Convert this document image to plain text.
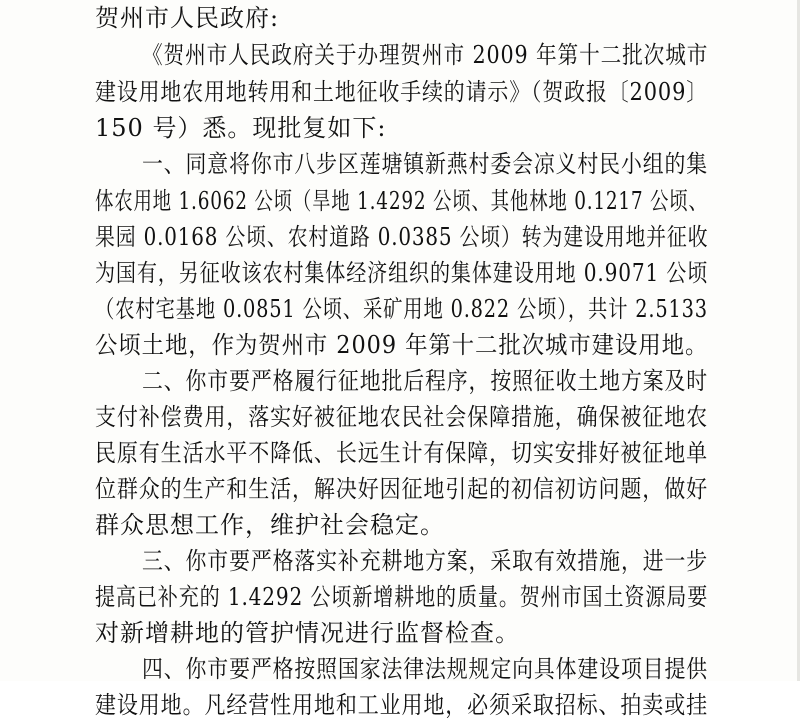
贺州市人民政府:
《贺州市人民政府关于办理贺州市 2009 年第十二批次城市
建设用地农用地转用和土地征收手续的请示》（贺政报〔2009〕
150 号）悉。现批复如下:
一、同意将你市八步区莲塘镇新燕村委会凉义村民小组的集
体农用地 1.6062 公顷（旱地 1.4292 公顷、其他林地 0.1217 公顷、
果园 0.0168 公顷、农村道路 0.0385 公顷）转为建设用地并征收
为国有，另征收该农村集体经济组织的集体建设用地 0.9071 公顷
（农村宅基地 0.0851 公顷、采矿用地 0.822 公顷），共计 2.5133
公顷土地，作为贺州市 2009 年第十二批次城市建设用地。
二、你市要严格履行征地批后程序，按照征收土地方案及时
支付补偿费用，落实好被征地农民社会保障措施，确保被征地农
民原有生活水平不降低、长远生计有保障，切实安排好被征地单
位群众的生产和生活，解决好因征地引起的初信初访问题，做好
群众思想工作，维护社会稳定。
三、你市要严格落实补充耕地方案，采取有效措施，进一步
提高已补充的 1.4292 公顷新增耕地的质量。贺州市国土资源局要
对新增耕地的管护情况进行监督检查。
四、你市要严格按照国家法律法规规定向具体建设项目提供
建设用地。凡经营性用地和工业用地，必须采取招标、拍卖或挂
